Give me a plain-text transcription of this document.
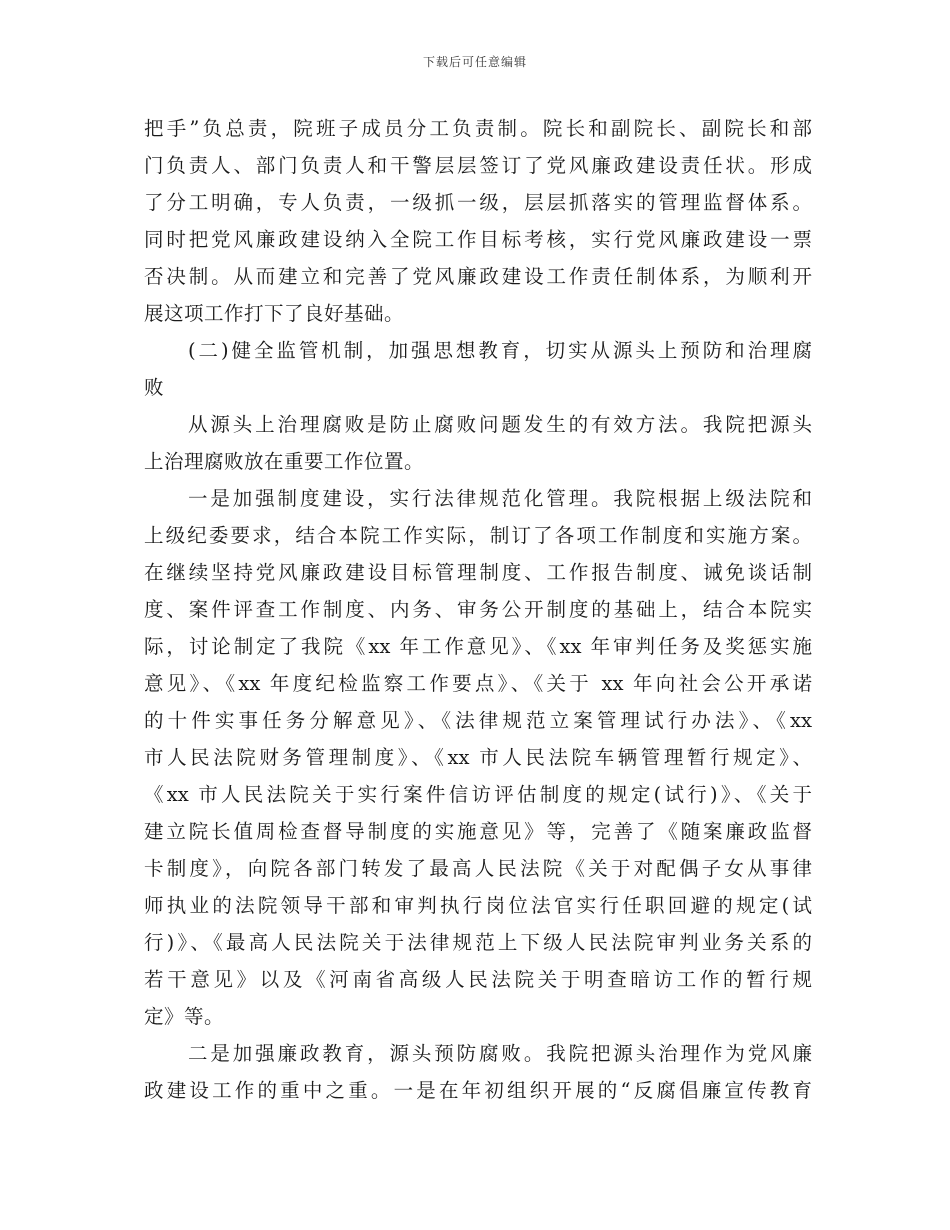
下载后可任意编辑
把手”负总责，院班子成员分工负责制。院长和副院长、副院长和部
门负责人、部门负责人和干警层层签订了党风廉政建设责任状。形成
了分工明确，专人负责，一级抓一级，层层抓落实的管理监督体系。
同时把党风廉政建设纳入全院工作目标考核，实行党风廉政建设一票
否决制。从而建立和完善了党风廉政建设工作责任制体系，为顺利开
展这项工作打下了良好基础。
(二)健全监管机制，加强思想教育，切实从源头上预防和治理腐
败
从源头上治理腐败是防止腐败问题发生的有效方法。我院把源头
上治理腐败放在重要工作位置。
一是加强制度建设，实行法律规范化管理。我院根据上级法院和
上级纪委要求，结合本院工作实际，制订了各项工作制度和实施方案。
在继续坚持党风廉政建设目标管理制度、工作报告制度、诫免谈话制
度、案件评查工作制度、内务、审务公开制度的基础上，结合本院实
际，讨论制定了我院《xx 年工作意见》、《xx 年审判任务及奖惩实施
意见》、《xx 年度纪检监察工作要点》、《关于 xx 年向社会公开承诺
的十件实事任务分解意见》、《法律规范立案管理试行办法》、《xx
市人民法院财务管理制度》、《xx 市人民法院车辆管理暂行规定》、
《xx 市人民法院关于实行案件信访评估制度的规定(试行)》、《关于
建立院长值周检查督导制度的实施意见》等，完善了《随案廉政监督
卡制度》，向院各部门转发了最高人民法院《关于对配偶子女从事律
师执业的法院领导干部和审判执行岗位法官实行任职回避的规定(试
行)》、《最高人民法院关于法律规范上下级人民法院审判业务关系的
若干意见》以及《河南省高级人民法院关于明查暗访工作的暂行规
定》等。
二是加强廉政教育，源头预防腐败。我院把源头治理作为党风廉
政建设工作的重中之重。一是在年初组织开展的“反腐倡廉宣传教育
